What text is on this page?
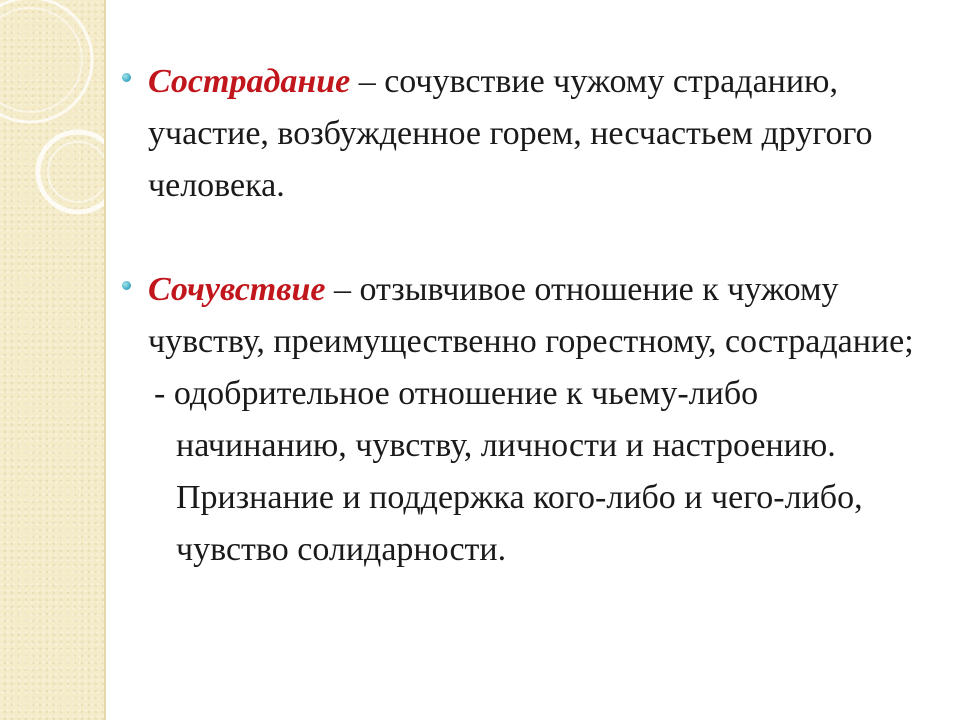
Сострадание – сочувствие чужому страданию, участие, возбужденное горем, несчастьем другого человека.
Сочувствие – отзывчивое отношение к чужому чувству, преимущественно горестному, сострадание;
- одобрительное отношение к чьему-либо начинанию, чувству, личности и настроению. Признание и поддержка кого-либо и чего-либо, чувство солидарности.
